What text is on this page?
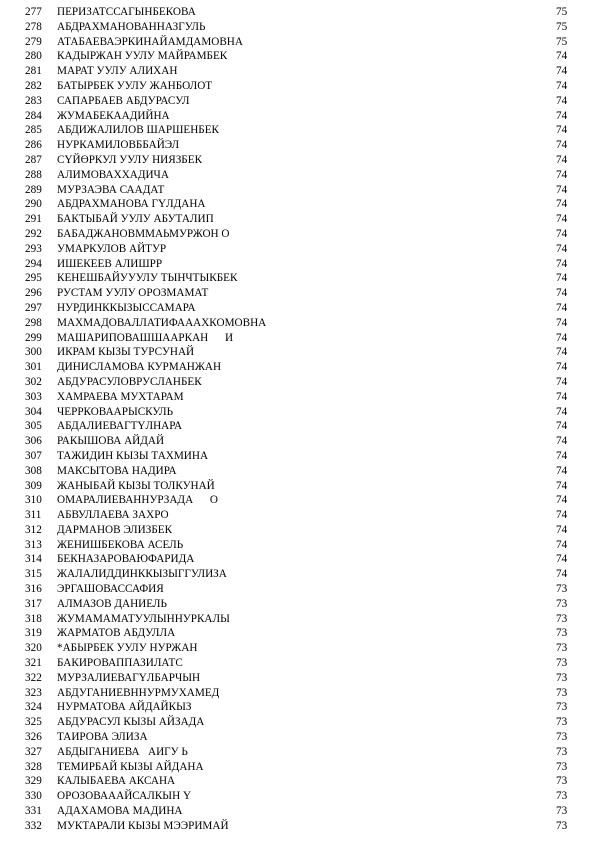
277	ПЕРИЗАТССАГЫНБЕКОВА	75
278	АБДРАХМАНОВАННАЗГУЛЬ	75
279	АТАБАЕВАЭРКИНАЙАМДАМОВНА	75
280	КАДЫРЖАН УУЛУ МАЙРАМБЕК	74
281	МАРАТ УУЛУ АЛИХАН	74
282	БАТЫРБЕК УУЛУ ЖАНБОЛОТ	74
283	САПАРБАЕВ АБДУРАСУЛ	74
284	ЖУМАБЕКААДИЙНА	74
285	АБДИЖАЛИЛОВ ШАРШЕНБЕК	74
286	НУРКАМИЛОВББАЙЭЛ	74
287	СҮЙӨРКУЛ УУЛУ НИЯЗБЕК	74
288	АЛИМОВАХХАДИЧА	74
289	МУРЗАЭВА СААДАТ	74
290	АБДРАХМАНОВА ГҮЛДАНА	74
291	БАКТЫБАЙ УУЛУ АБУТАЛИП	74
292	БАБАДЖАНОВММАЬМУРЖОН О	74
293	УМАРКУЛОВ АЙТУР	74
294	ИШЕКЕЕВ АЛИШРР	74
295	КЕНЕШБАЙУУУЛУ ТЫНЧТЫКБЕК	74
296	РУСТАМ УУЛУ ОРОЗМАМАТ	74
297	НУРДИНККЫЗЫССАМАРА	74
298	МАХМАДОВАЛЛАТИФАААХКОМОВНА	74
299	МАШАРИПОВАШШААРКАН      И	74
300	ИКРАМ КЫЗЫ ТУРСУНАЙ	74
301	ДИНИСЛАМОВА КУРМАНЖАН	74
302	АБДУРАСУЛОВРУСЛАНБЕК	74
303	ХАМРАЕВА МУХТАРАМ	74
304	ЧЕРРКОВААРЫСКУЛЬ	74
305	АБДАЛИЕВАГТҮЛНАРА	74
306	РАКЫШОВА АЙДАЙ	74
307	ТАЖИДИН КЫЗЫ ТАХМИНА	74
308	МАКСЫТОВА НАДИРА	74
309	ЖАНЫБАЙ КЫЗЫ ТОЛКУНАЙ	74
310	ОМАРАЛИЕВАННУРЗАДА      О	74
311	АБВУЛЛАЕВА ЗАХРО	74
312	ДАРМАНОВ ЭЛИЗБЕК	74
313	ЖЕНИШБЕКОВА АСЕЛЬ	74
314	БЕКНАЗАРОВАЮФАРИДА	74
315	ЖАЛАЛИДДИНККЫЗЫГГУЛИЗА	74
316	ЭРГАШОВАССАФИЯ	73
317	АЛМАЗОВ ДАНИЕЛЬ	73
318	ЖУМАМАМАТУУЛЫННУРКАЛЫ	73
319	ЖАРМАТОВ АБДУЛЛА	73
320	*АБЫРБЕК УУЛУ НУРЖАН	73
321	БАКИРОВАППАЗИЛАТС	73
322	МУРЗАЛИЕВАГҮЛБАРЧЫН	73
323	АБДУГАНИЕВННУРМУХАМЕД	73
324	НУРМАТОВА АЙДАЙКЫЗ	73
325	АБДУРАСУЛ КЫЗЫ АЙЗАДА	73
326	ТАИРОВА ЭЛИЗА	73
327	АБДЫГАНИЕВА   АИГУ Ь	73
328	ТЕМИРБАЙ КЫЗЫ АЙДАНА	73
329	КАЛЫБАЕВА АКСАНА	73
330	ОРОЗОВАААЙСАЛКЫН Ү	73
331	АДАХАМОВА МАДИНА	73
332	МУКТАРАЛИ КЫЗЫ МЭЭРИМАЙ	73
